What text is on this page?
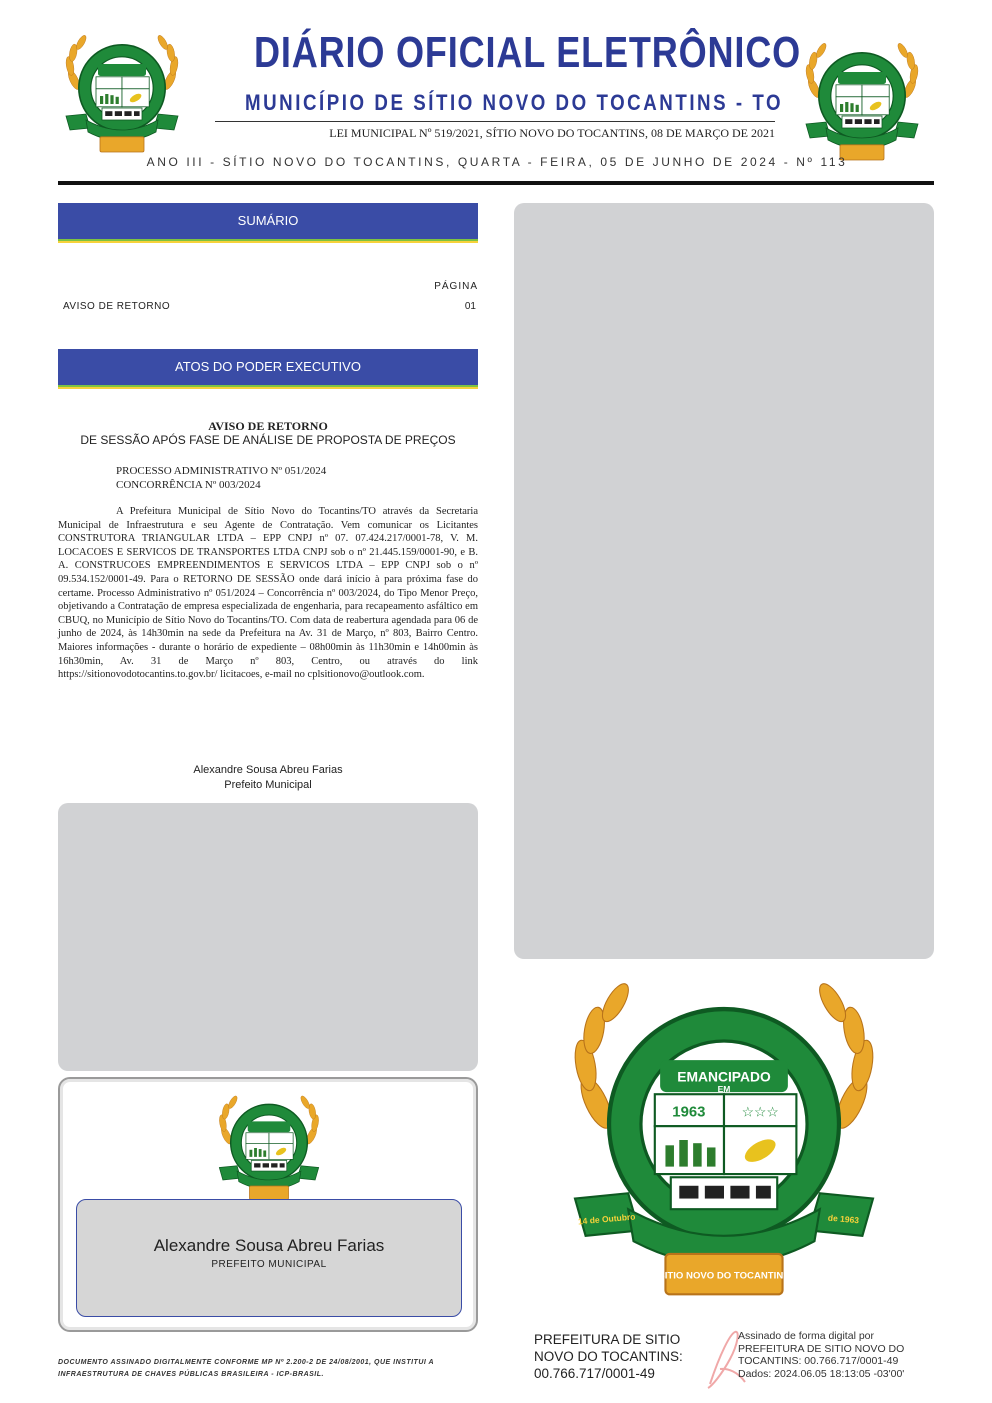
DIÁRIO OFICIAL ELETRÔNICO
MUNICÍPIO DE SÍTIO NOVO DO TOCANTINS - TO
LEI MUNICIPAL Nº 519/2021, SÍTIO NOVO DO TOCANTINS, 08 DE MARÇO DE 2021
ANO III - SÍTIO NOVO DO TOCANTINS, QUARTA - FEIRA, 05 DE JUNHO DE 2024 - Nº 113
SUMÁRIO
PÁGINA
AVISO DE RETORNO	01
ATOS DO PODER EXECUTIVO
AVISO DE RETORNO
DE SESSÃO APÓS FASE DE ANÁLISE DE PROPOSTA DE PREÇOS
PROCESSO ADMINISTRATIVO Nº 051/2024
CONCORRÊNCIA Nº 003/2024
A Prefeitura Municipal de Sítio Novo do Tocantins/TO através da Secretaria Municipal de Infraestrutura e seu Agente de Contratação. Vem comunicar os Licitantes CONSTRUTORA TRIANGULAR LTDA – EPP CNPJ nº 07. 07.424.217/0001-78, V. M. LOCACOES E SERVICOS DE TRANSPORTES LTDA CNPJ sob o nº 21.445.159/0001-90, e B. A. CONSTRUCOES EMPREENDIMENTOS E SERVICOS LTDA – EPP CNPJ sob o nº 09.534.152/0001-49. Para o RETORNO DE SESSÃO onde dará início à para próxima fase do certame. Processo Administrativo nº 051/2024 – Concorrência nº 003/2024, do Tipo Menor Preço, objetivando a Contratação de empresa especializada de engenharia, para recapeamento asfáltico em CBUQ, no Município de Sítio Novo do Tocantins/TO. Com data de reabertura agendada para 06 de junho de 2024, às 14h30min na sede da Prefeitura na Av. 31 de Março, nº 803, Bairro Centro. Maiores informações - durante o horário de expediente – 08h00min às 11h30min e 14h00min às 16h30min, Av. 31 de Março nº 803, Centro, ou através do link https://sitionovodotocantins.to.gov.br/ licitacoes, e-mail no cplsitionovo@outlook.com.
Alexandre Sousa Abreu Farias
Prefeito Municipal
Alexandre Sousa Abreu Farias
PREFEITO MUNICIPAL
EMANCIPADO
EM
1963	☆☆☆
14 de Outubro	de 1963
SITIO NOVO DO TOCANTINS
DOCUMENTO ASSINADO DIGITALMENTE CONFORME MP Nº 2.200-2 DE 24/08/2001, QUE INSTITUI A INFRAESTRUTURA DE CHAVES PÚBLICAS BRASILEIRA - ICP-BRASIL.
PREFEITURA DE SITIO
NOVO DO TOCANTINS:
00.766.717/0001-49
Assinado de forma digital por
PREFEITURA DE SITIO NOVO DO
TOCANTINS: 00.766.717/0001-49
Dados: 2024.06.05 18:13:05 -03'00'
